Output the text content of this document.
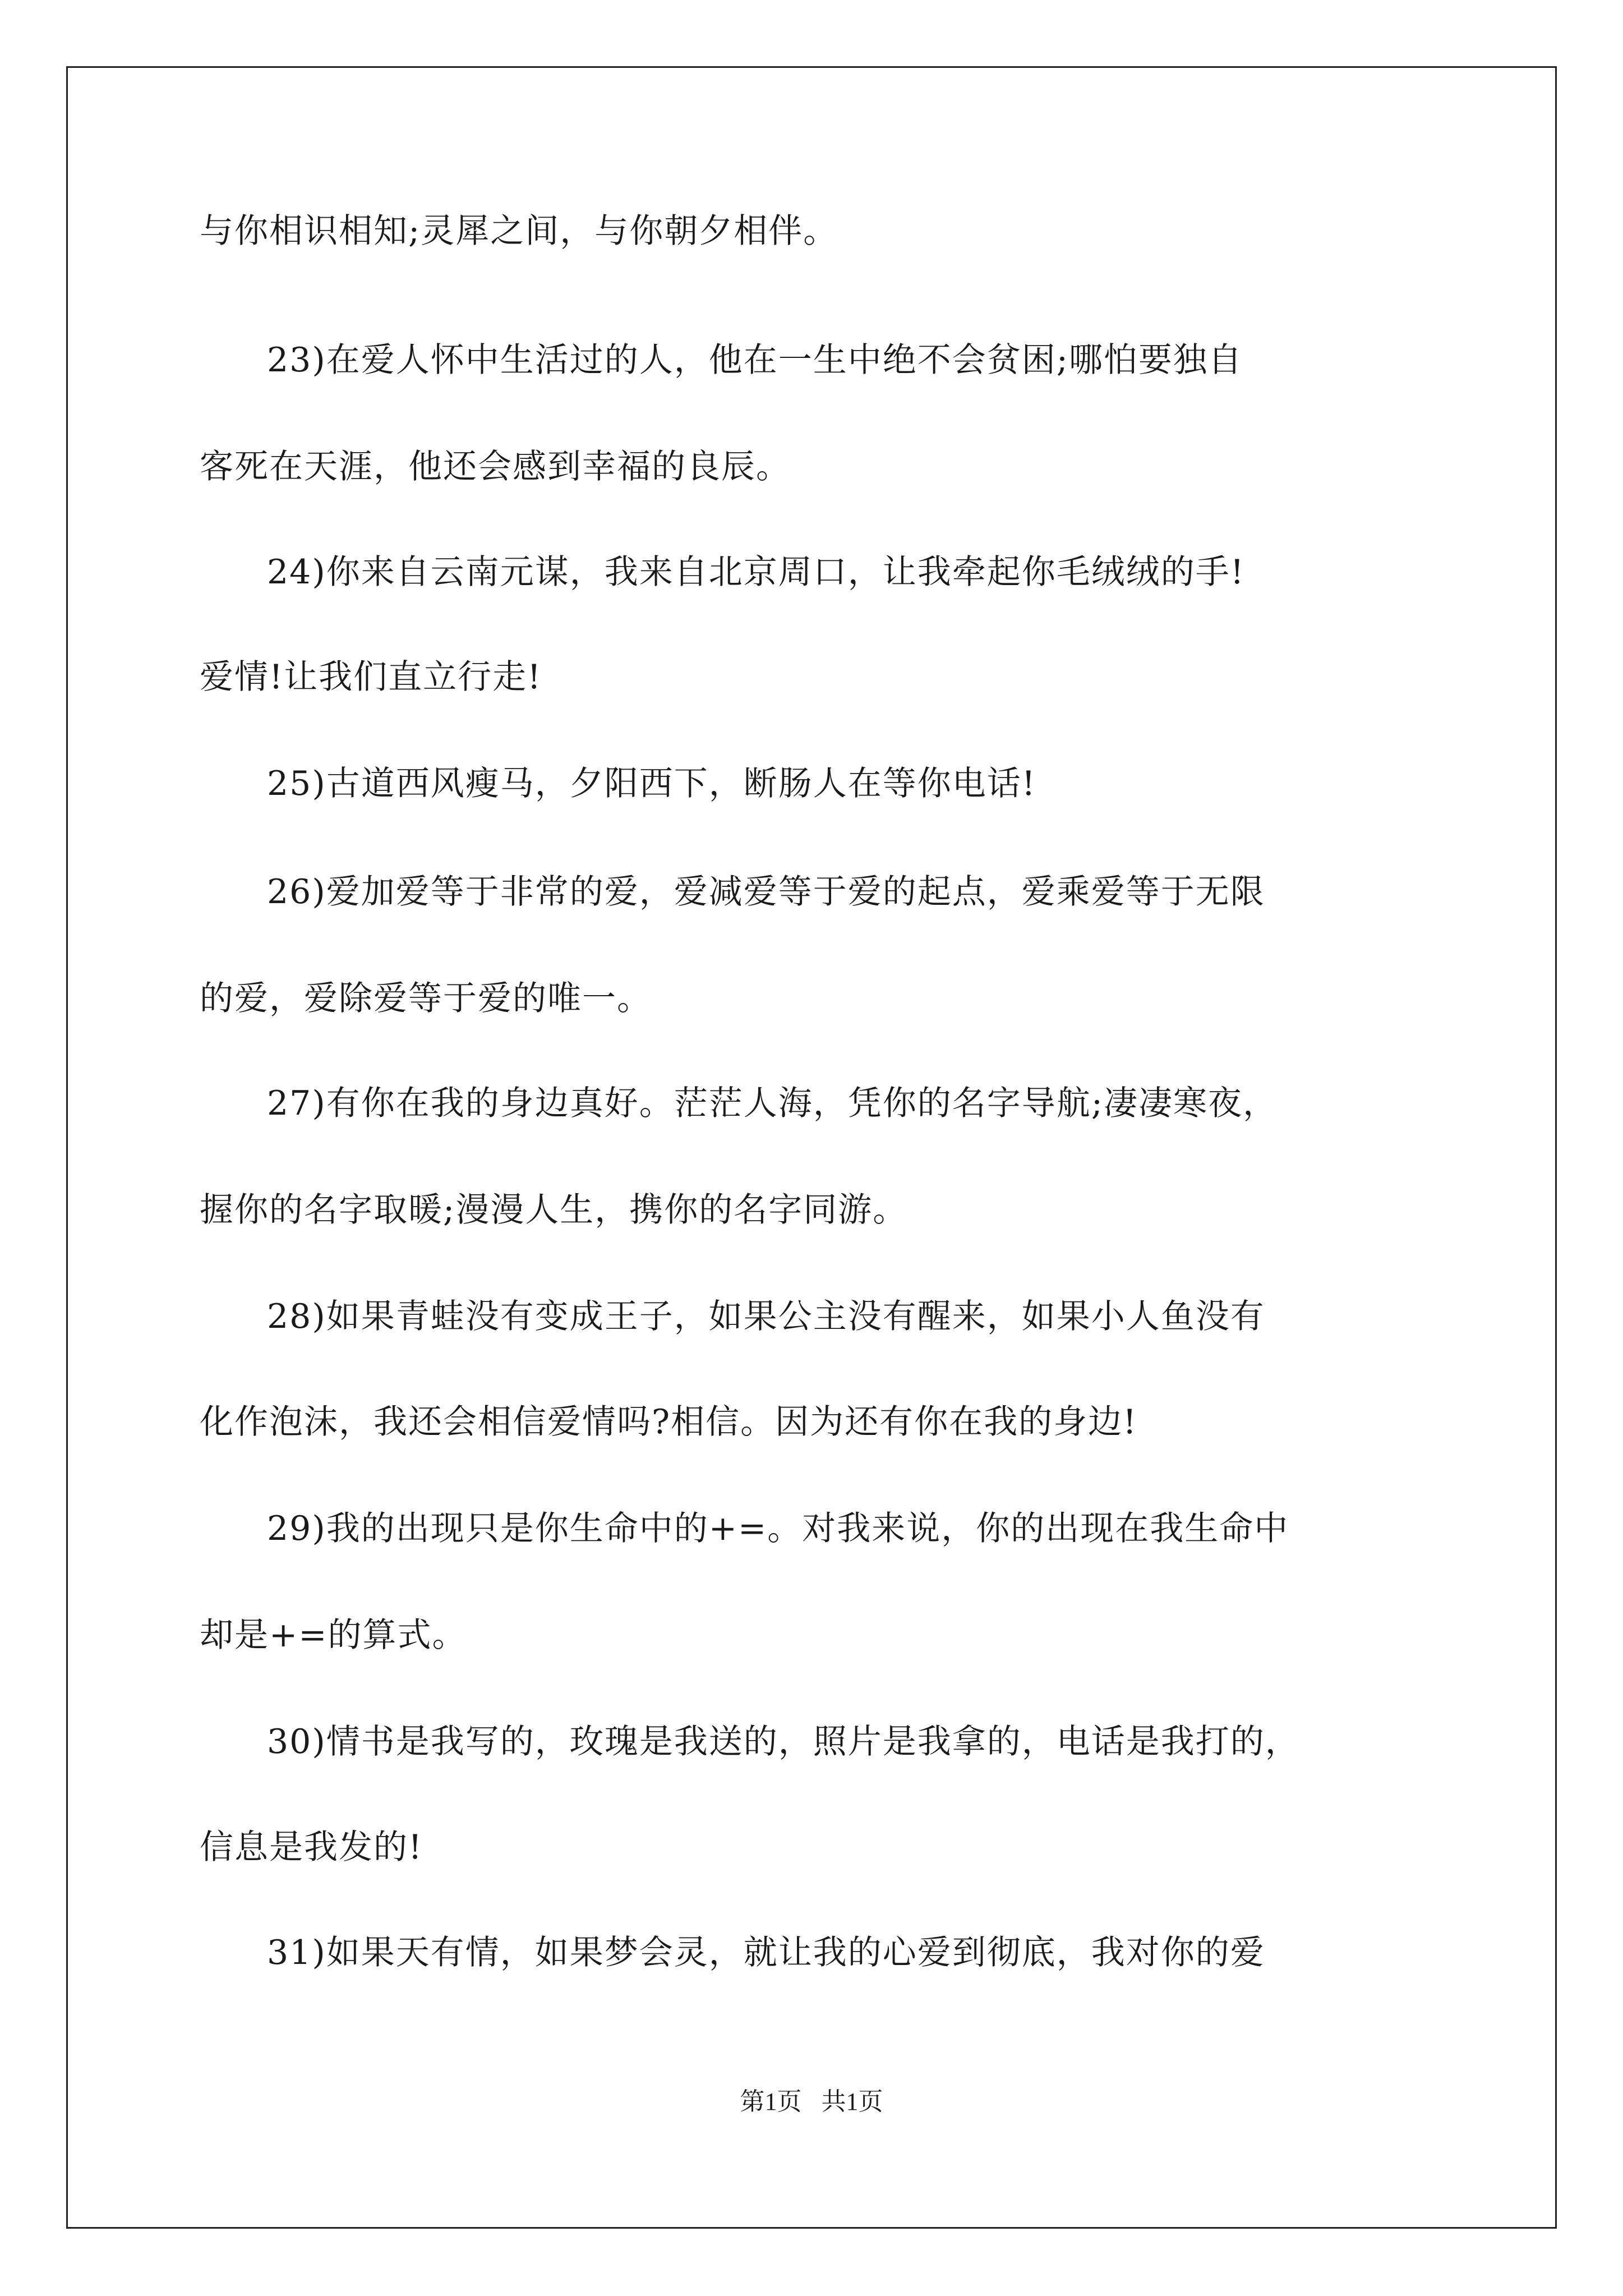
与你相识相知;灵犀之间，与你朝夕相伴。
23)在爱人怀中生活过的人，他在一生中绝不会贫困;哪怕要独自
客死在天涯，他还会感到幸福的良辰。
24)你来自云南元谋，我来自北京周口，让我牵起你毛绒绒的手!
爱情!让我们直立行走!
25)古道西风瘦马，夕阳西下，断肠人在等你电话!
26)爱加爱等于非常的爱，爱减爱等于爱的起点，爱乘爱等于无限
的爱，爱除爱等于爱的唯一。
27)有你在我的身边真好。茫茫人海，凭你的名字导航;凄凄寒夜，
握你的名字取暖;漫漫人生，携你的名字同游。
28)如果青蛙没有变成王子，如果公主没有醒来，如果小人鱼没有
化作泡沫，我还会相信爱情吗?相信。因为还有你在我的身边!
29)我的出现只是你生命中的+=。对我来说，你的出现在我生命中
却是+=的算式。
30)情书是我写的，玫瑰是我送的，照片是我拿的，电话是我打的，
信息是我发的!
31)如果天有情，如果梦会灵，就让我的心爱到彻底，我对你的爱
第1页 共1页
